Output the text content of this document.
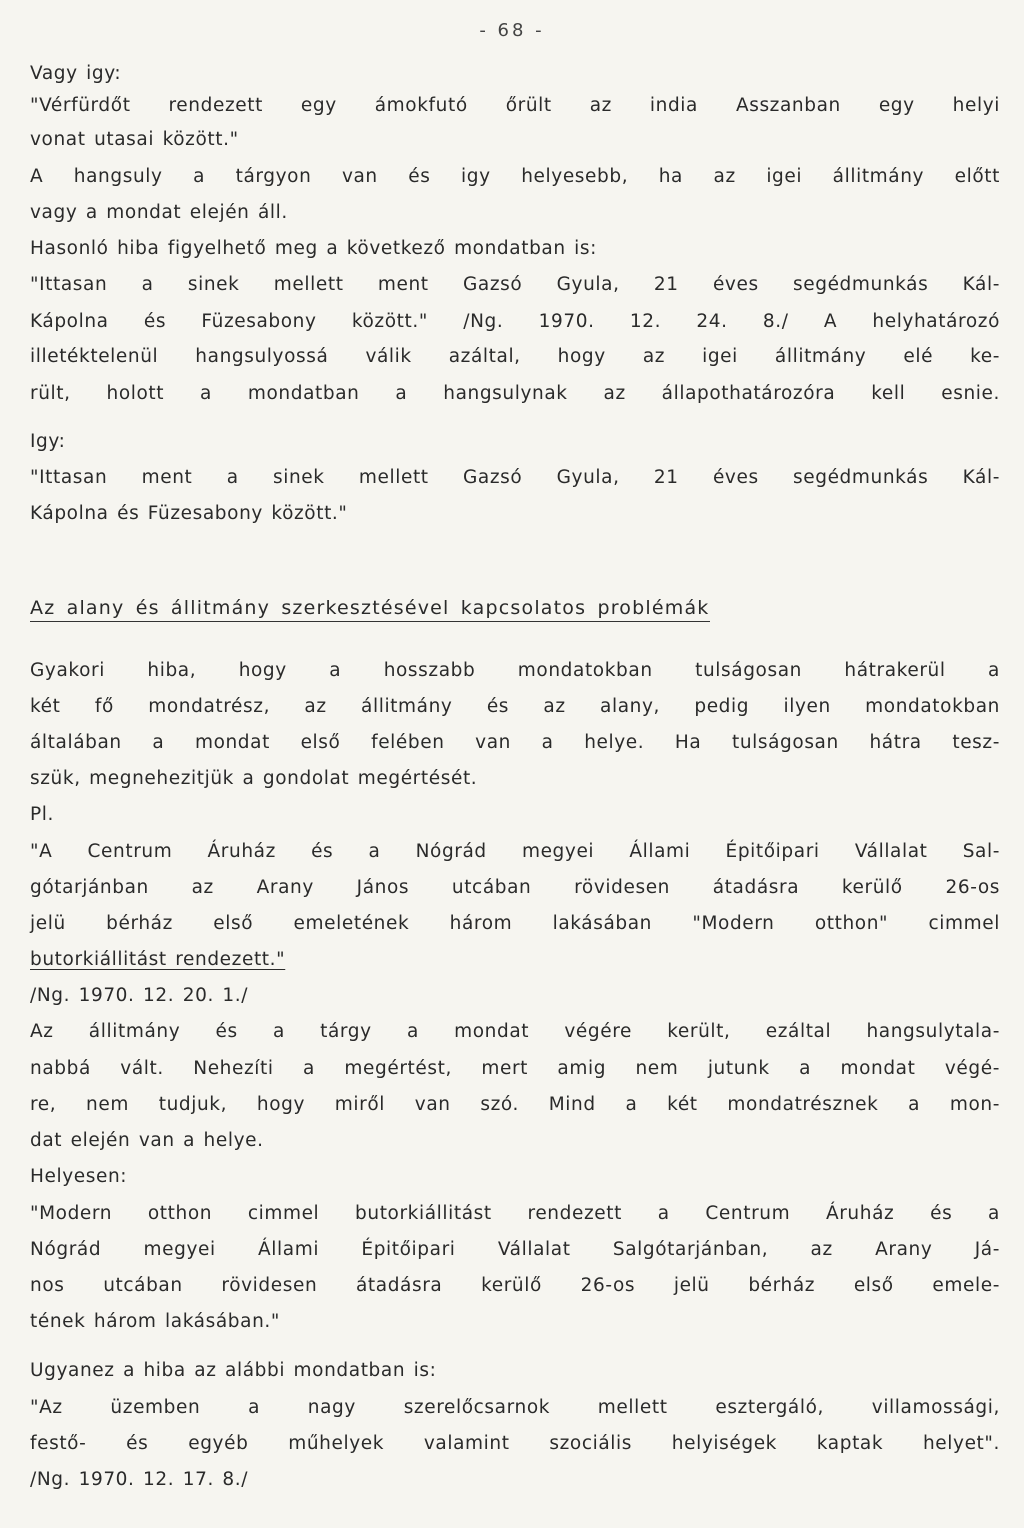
- 68 -
Vagy igy:
"Vérfürdőt rendezett egy ámokfutó őrült az india Asszanban egy helyi
vonat utasai között."
A hangsuly a tárgyon van és igy helyesebb, ha az igei állitmány előtt
vagy a mondat elején áll.
Hasonló hiba figyelhető meg a következő mondatban is:
"Ittasan a sinek mellett ment Gazsó Gyula, 21 éves segédmunkás Kál-
Kápolna és Füzesabony között." /Ng. 1970. 12. 24. 8./ A helyhatározó
illetéktelenül hangsulyossá válik azáltal, hogy az igei állitmány elé ke-
rült, holott a mondatban a hangsulynak az állapothatározóra kell esnie.
Igy:
"Ittasan ment a sinek mellett Gazsó Gyula, 21 éves segédmunkás Kál-
Kápolna és Füzesabony között."
Az alany és állitmány szerkesztésével kapcsolatos problémák
Gyakori hiba, hogy a hosszabb mondatokban tulságosan hátrakerül a
két fő mondatrész, az állitmány és az alany, pedig ilyen mondatokban
általában a mondat első felében van a helye. Ha tulságosan hátra tesz-
szük, megnehezitjük a gondolat megértését.
Pl.
"A Centrum Áruház és a Nógrád megyei Állami Épitőipari Vállalat Sal-
gótarjánban az Arany János utcában rövidesen átadásra kerülő 26-os
jelü bérház első emeletének három lakásában "Modern otthon" cimmel
butorkiállitást rendezett."
/Ng. 1970. 12. 20. 1./
Az állitmány és a tárgy a mondat végére került, ezáltal hangsulytala-
nabbá vált. Nehezíti a megértést, mert amig nem jutunk a mondat végé-
re, nem tudjuk, hogy miről van szó. Mind a két mondatrésznek a mon-
dat elején van a helye.
Helyesen:
"Modern otthon cimmel butorkiállitást rendezett a Centrum Áruház és a
Nógrád megyei Állami Épitőipari Vállalat Salgótarjánban, az Arany Já-
nos utcában rövidesen átadásra kerülő 26-os jelü bérház első emele-
tének három lakásában."
Ugyanez a hiba az alábbi mondatban is:
"Az üzemben a nagy szerelőcsarnok mellett esztergáló, villamossági,
festő- és egyéb műhelyek valamint szociális helyiségek kaptak helyet".
/Ng. 1970. 12. 17. 8./
